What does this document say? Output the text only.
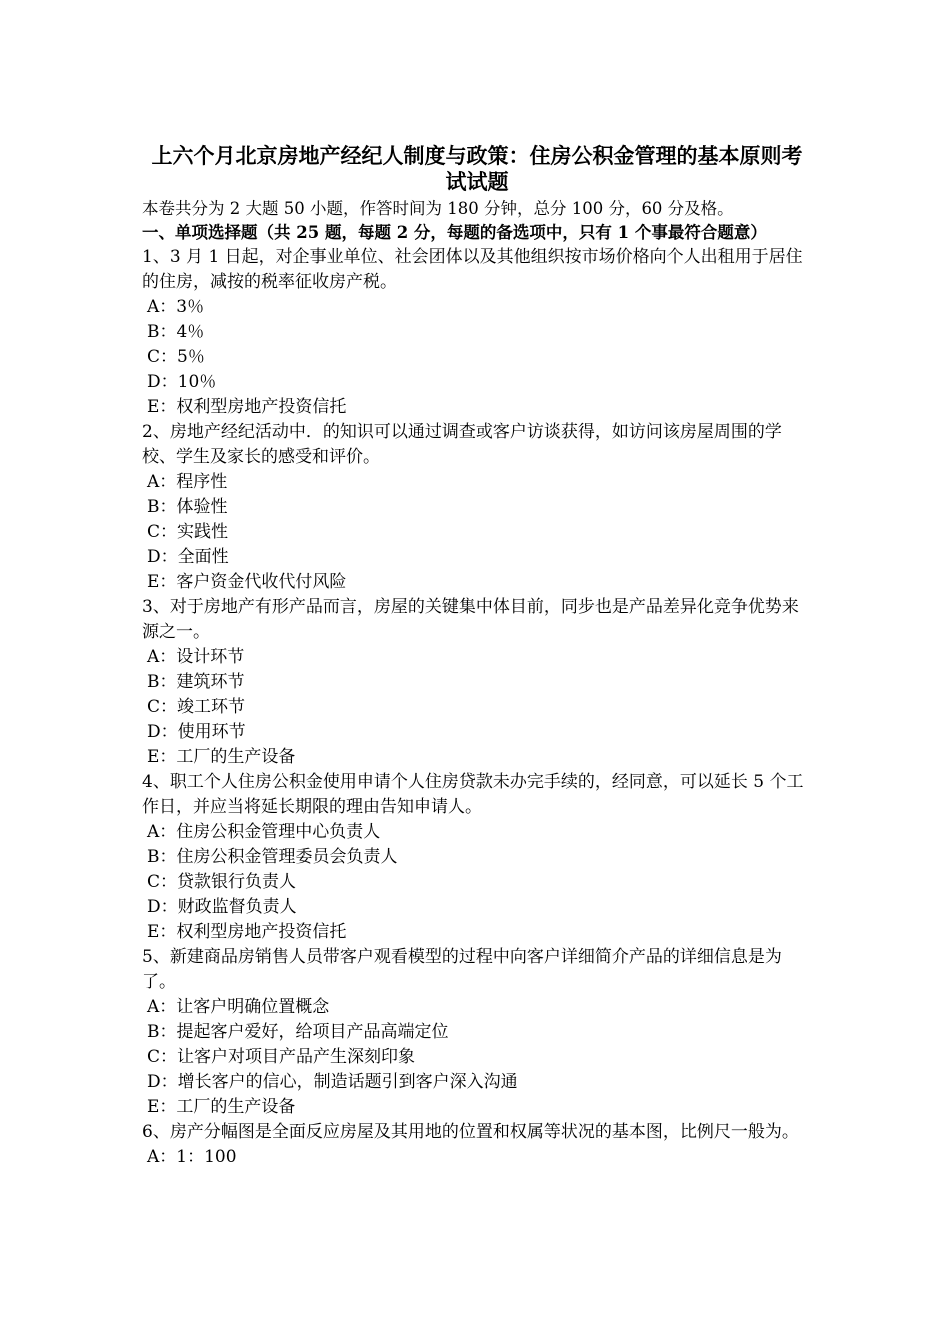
上六个月北京房地产经纪人制度与政策：住房公积金管理的基本原则考试试题

本卷共分为 2 大题 50 小题，作答时间为 180 分钟，总分 100 分，60 分及格。

一、单项选择题（共 25 题，每题 2 分，每题的备选项中，只有 1 个事最符合题意）

1、3 月 1 日起，对企事业单位、社会团体以及其他组织按市场价格向个人出租用于居住的住房，减按的税率征收房产税。

A：3％
B：4％
C：5％
D：10％
E：权利型房地产投资信托

2、房地产经纪活动中．的知识可以通过调查或客户访谈获得，如访问该房屋周围的学校、学生及家长的感受和评价。

A：程序性
B：体验性
C：实践性
D：全面性
E：客户资金代收代付风险

3、对于房地产有形产品而言，房屋的关键集中体目前，同步也是产品差异化竞争优势来源之一。

A：设计环节
B：建筑环节
C：竣工环节
D：使用环节
E：工厂的生产设备

4、职工个人住房公积金使用申请个人住房贷款未办完手续的，经同意，可以延长 5 个工作日，并应当将延长期限的理由告知申请人。

A：住房公积金管理中心负责人
B：住房公积金管理委员会负责人
C：贷款银行负责人
D：财政监督负责人
E：权利型房地产投资信托

5、新建商品房销售人员带客户观看模型的过程中向客户详细简介产品的详细信息是为了。

A：让客户明确位置概念
B：提起客户爱好，给项目产品高端定位
C：让客户对项目产品产生深刻印象
D：增长客户的信心，制造话题引到客户深入沟通
E：工厂的生产设备

6、房产分幅图是全面反应房屋及其用地的位置和权属等状况的基本图，比例尺一般为。

A：1：100
